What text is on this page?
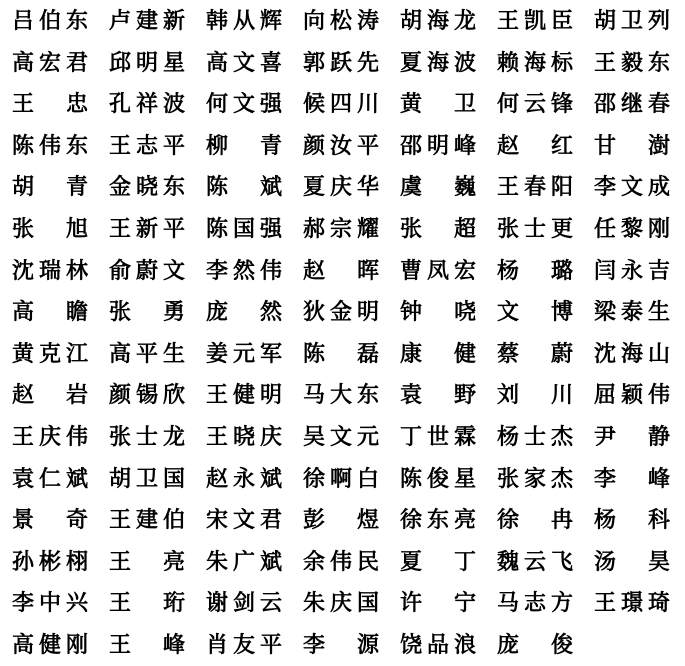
吕 伯 东 卢 建 新 韩 从 辉 向 松 涛 胡 海 龙 王 凯 臣 胡 卫 列
高 宏 君 邱 明 星 高 文 喜 郭 跃 先 夏 海 波 赖 海 标 王 毅 东
王 忠 孔 祥 波 何 文 强 候 四 川 黄 卫 何 云 锋 邵 继 春
陈 伟 东 王 志 平 柳 青 颜 汝 平 邵 明 峰 赵 红 甘 澍
胡 青 金 晓 东 陈 斌 夏 庆 华 虞 巍 王 春 阳 李 文 成
张 旭 王 新 平 陈 国 强 郝 宗 耀 张 超 张 士 更 任 黎 刚
沈 瑞 林 俞 蔚 文 李 然 伟 赵 晖 曹 凤 宏 杨 璐 闫 永 吉
高 瞻 张 勇 庞 然 狄 金 明 钟 哓 文 博 梁 泰 生
黄 克 江 高 平 生 姜 元 军 陈 磊 康 健 蔡 蔚 沈 海 山
赵 岩 颜 锡 欣 王 健 明 马 大 东 袁 野 刘 川 屈 颖 伟
王 庆 伟 张 士 龙 王 晓 庆 吴 文 元 丁 世 霖 杨 士 杰 尹 静
袁 仁 斌 胡 卫 国 赵 永 斌 徐 啊 白 陈 俊 星 张 家 杰 李 峰
景 奇 王 建 伯 宋 文 君 彭 煜 徐 东 亮 徐 冉 杨 科
孙 彬 栩 王 亮 朱 广 斌 余 伟 民 夏 丁 魏 云 飞 汤 昊
李 中 兴 王 珩 谢 剑 云 朱 庆 国 许 宁 马 志 方 王 璟 琦
高 健 刚 王 峰 肖 友 平 李 源 饶 品 浪 庞 俊
